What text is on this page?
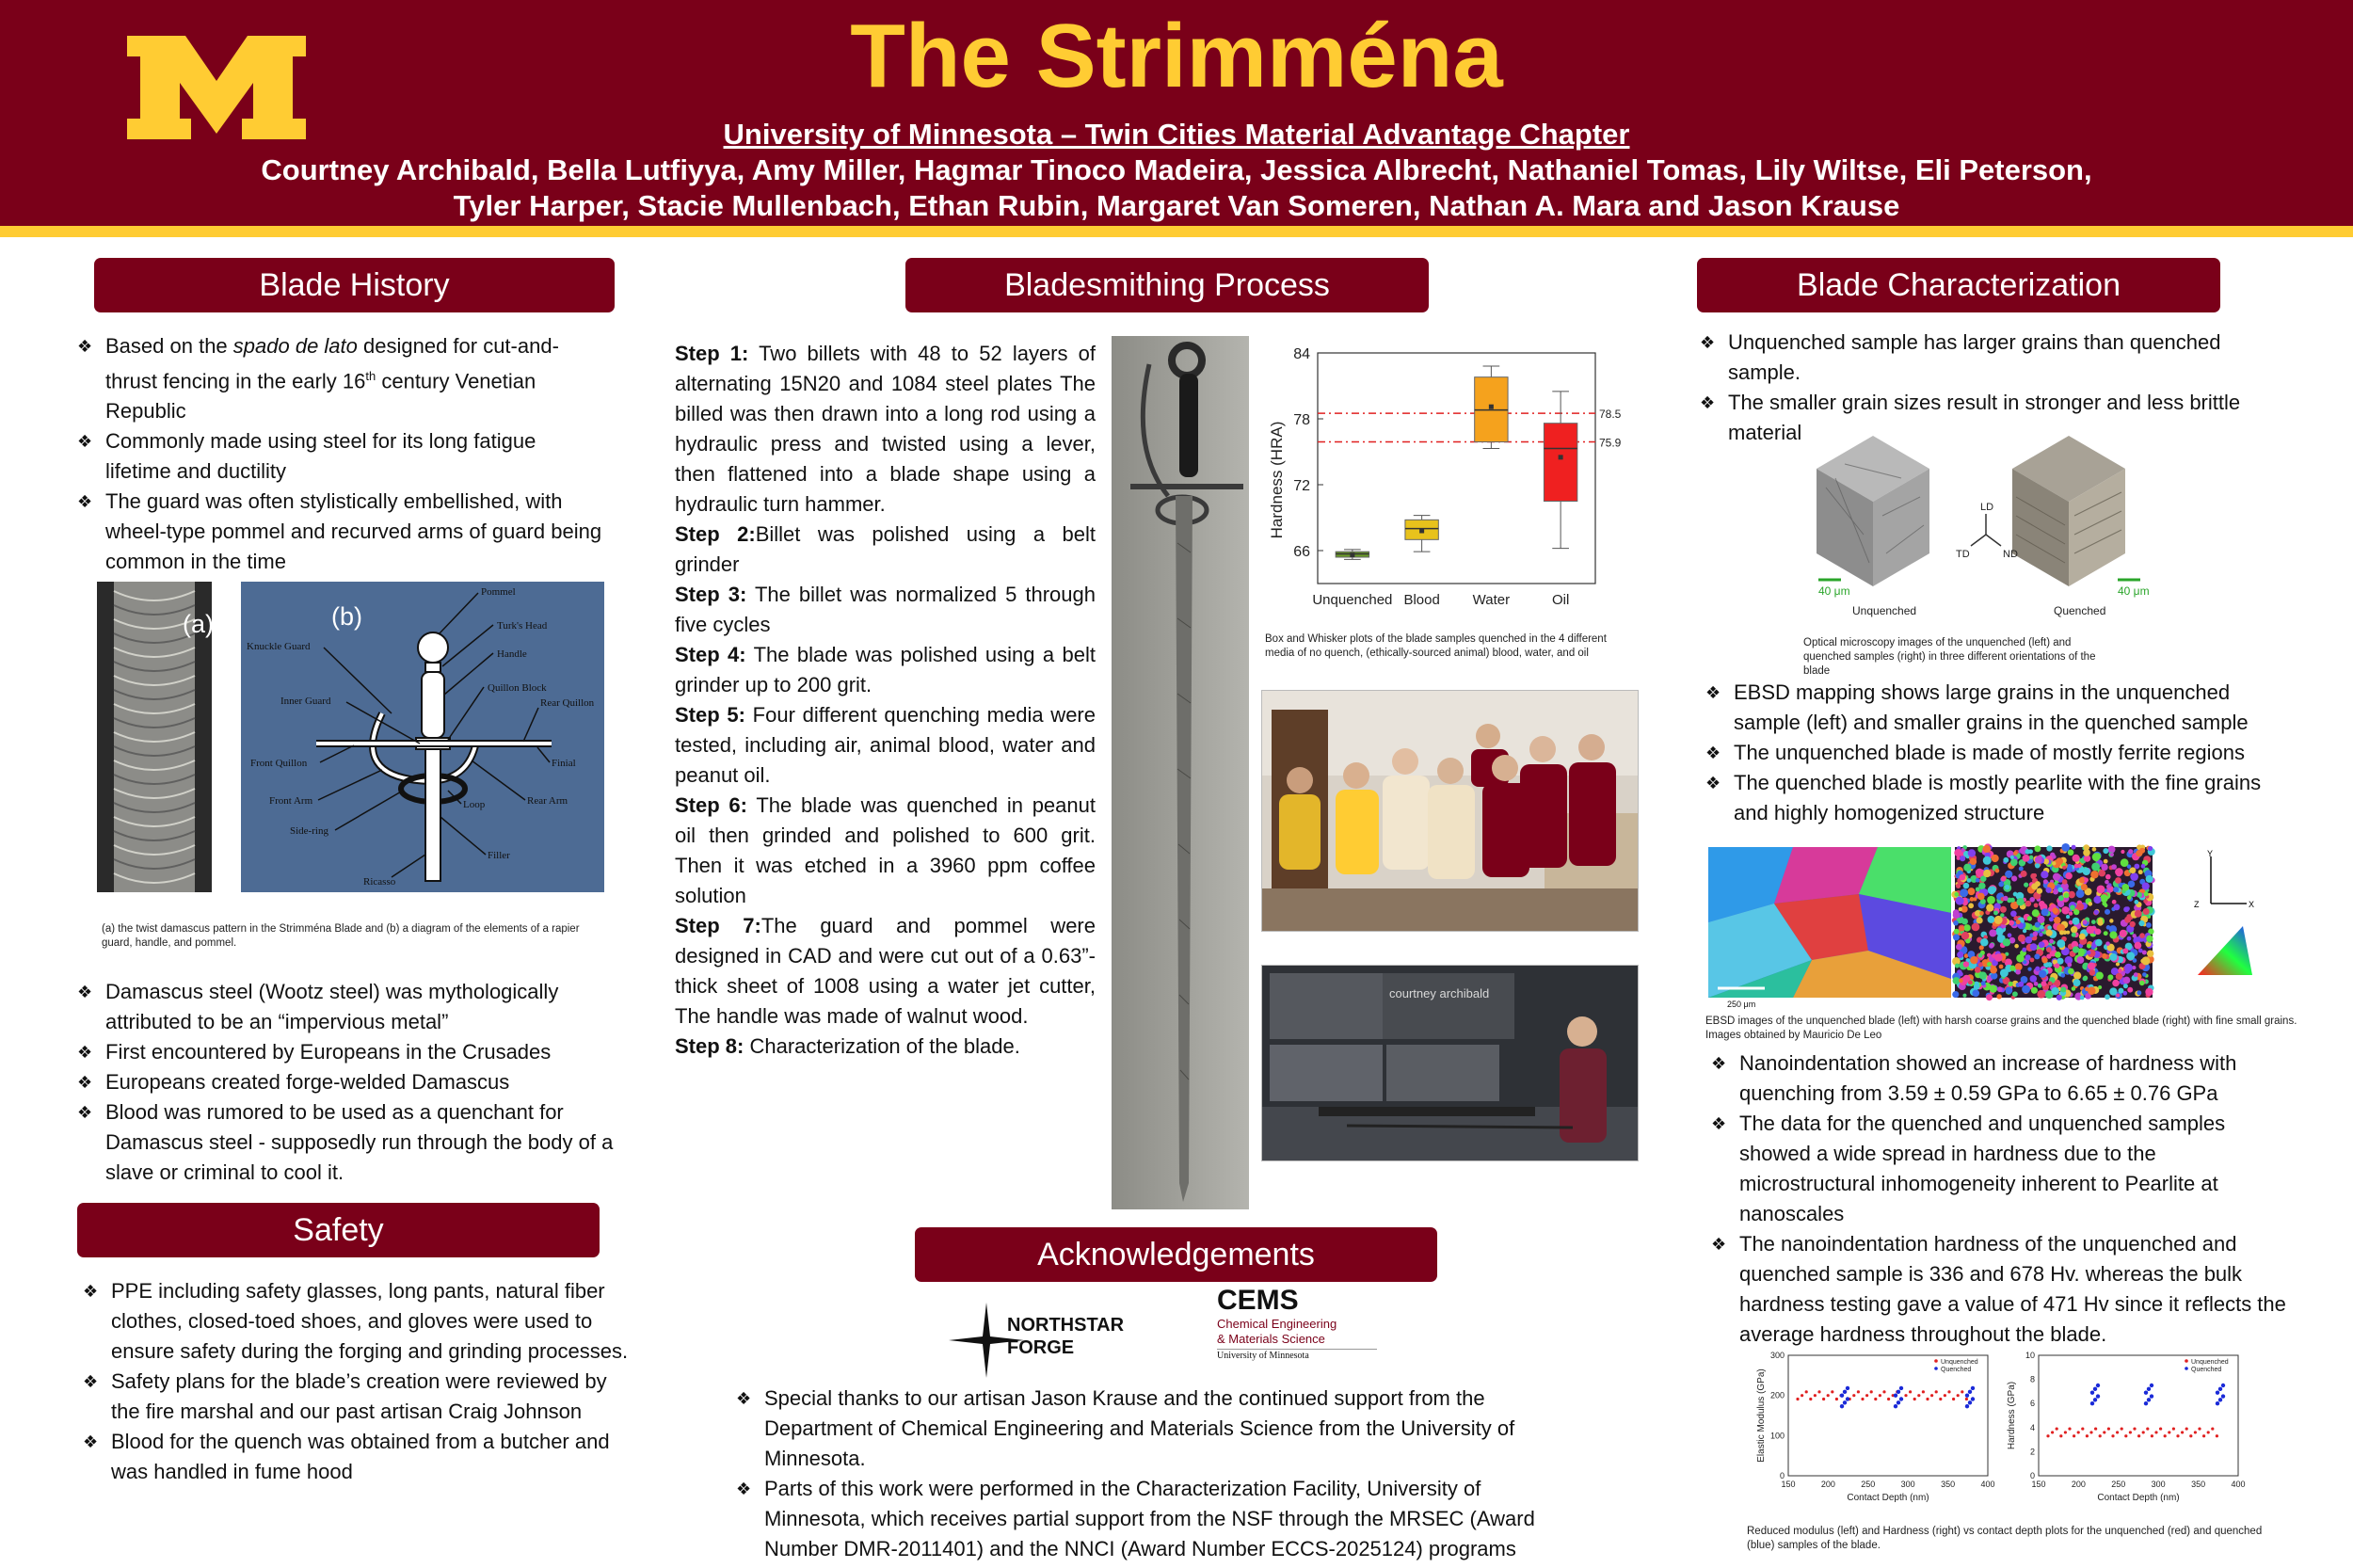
The Strimména
University of Minnesota – Twin Cities Material Advantage Chapter
Courtney Archibald, Bella Lutfiyya, Amy Miller, Hagmar Tinoco Madeira, Jessica Albrecht, Nathaniel Tomas, Lily Wiltse, Eli Peterson,
Tyler Harper, Stacie Mullenbach, Ethan Rubin, Margaret Van Someren, Nathan A. Mara and Jason Krause
Blade History
❖ Based on the spado de lato designed for cut-and-thrust fencing in the early 16th century Venetian Republic
❖ Commonly made using steel for its long fatigue lifetime and ductility
❖ The guard was often stylistically embellished, with wheel-type pommel and recurved arms of guard being common in the time
(a)
Pommel
Turk's Head
Handle
Knuckle Guard
Quillon Block
Inner Guard	Rear Quillon
Front Quillon	Finial
Front Arm	Loop	Rear Arm
Side-ring
Filler
Ricasso
(b)
(a) the twist damascus pattern in the Strimména Blade and (b) a diagram of the elements of a rapier guard, handle, and pommel.
❖ Damascus steel (Wootz steel) was mythologically attributed to be an “impervious metal”
❖ First encountered by Europeans in the Crusades
❖ Europeans created forge-welded Damascus
❖ Blood was rumored to be used as a quenchant for Damascus steel - supposedly run through the body of a slave or criminal to cool it.
Safety
❖ PPE including safety glasses, long pants, natural fiber clothes, closed-toed shoes, and gloves were used to ensure safety during the forging and grinding processes.
❖ Safety plans for the blade’s creation were reviewed by the fire marshal and our past artisan Craig Johnson
❖ Blood for the quench was obtained from a butcher and was handled in fume hood
Bladesmithing Process
Step 1: Two billets with 48 to 52 layers of alternating 15N20 and 1084 steel plates The billed was then drawn into a long rod using a hydraulic press and twisted using a lever, then flattened into a blade shape using a hydraulic turn hammer.
Step 2:Billet was polished using a belt grinder
Step 3: The billet was normalized 5 through five cycles
Step 4: The blade was polished using a belt grinder up to 200 grit.
Step 5: Four different quenching media were tested, including air, animal blood, water and peanut oil.
Step 6: The blade was quenched in peanut oil then grinded and polished to 600 grit. Then it was etched in a 3960 ppm coffee solution
Step 7:The guard and pommel were designed in CAD and were cut out of a 0.63”-thick sheet of 1008 using a water jet cutter, The handle was made of walnut wood.
Step 8: Characterization of the blade.
Hardness (HRA)
66
72
78
84
78.5
75.9
Unquenched Blood Water	Oil
Box and Whisker plots of the blade samples quenched in the 4 different media of no quench, (ethically-sourced animal) blood, water, and oil
courtney archibald
Acknowledgements
NORTHSTAR
FORGE
CEMS
Chemical Engineering
& Materials Science
University of Minnesota
❖ Special thanks to our artisan Jason Krause and the continued support from the Department of Chemical Engineering and Materials Science from the University of Minnesota.
❖ Parts of this work were performed in the Characterization Facility, University of Minnesota, which receives partial support from the NSF through the MRSEC (Award Number DMR-2011401) and the NNCI (Award Number ECCS-2025124) programs
Blade Characterization
❖ Unquenched sample has larger grains than quenched sample.
❖ The smaller grain sizes result in stronger and less brittle material
LD
TD	ND
40 μm	40 μm
Unquenched	Quenched
Optical microscopy images of the unquenched (left) and quenched samples (right) in three different orientations of the blade
❖ EBSD mapping shows large grains in the unquenched sample (left) and smaller grains in the quenched sample
❖ The unquenched blade is made of mostly ferrite regions
❖ The quenched blade is mostly pearlite with the fine grains and highly homogenized structure
250 μm
Y
Z	X
EBSD images of the unquenched blade (left) with harsh coarse grains and the quenched blade (right) with fine small grains. Images obtained by Mauricio De Leo
❖ Nanoindentation showed an increase of hardness with quenching from 3.59 ± 0.59 GPa to 6.65 ± 0.76 GPa
❖ The data for the quenched and unquenched samples showed a wide spread in hardness due to the microstructural inhomogeneity inherent to Pearlite at nanoscales
❖ The nanoindentation hardness of the unquenched and quenched sample is 336 and 678 Hv. whereas the bulk hardness testing gave a value of 471 Hv since it reflects the average hardness throughout the blade.
0
100
200
300
150	200	250	300	350	400
Contact Depth (nm)
Elastic Modulus (GPa)
Unquenched
Quenched
0
2
4
6
8
10
150	200	250	300	350	400
Contact Depth (nm)
Hardness (GPa)
Unquenched
Quenched
Reduced modulus (left) and Hardness (right) vs contact depth plots for the unquenched (red) and quenched (blue) samples of the blade.
